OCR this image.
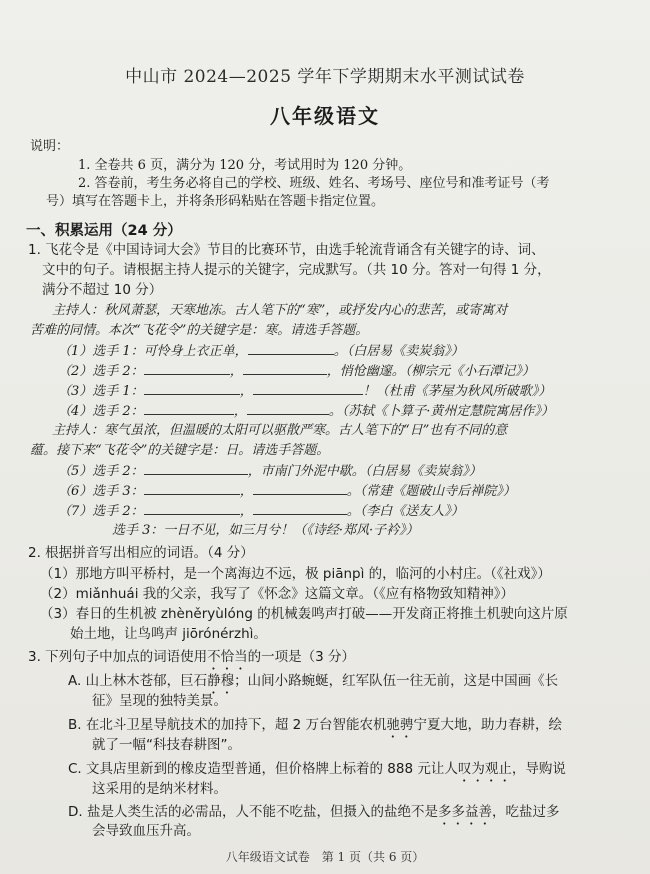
中山市 2024—2025 学年下学期期末水平测试试卷
八年级语文
说明：
1. 全卷共 6 页，满分为 120 分，考试用时为 120 分钟。
2. 答卷前，考生务必将自己的学校、班级、姓名、考场号、座位号和准考证号（考
号）填写在答题卡上，并将条形码粘贴在答题卡指定位置。
一、积累运用（24 分）
1. 飞花令是《中国诗词大会》节目的比赛环节，由选手轮流背诵含有关键字的诗、词、
文中的句子。请根据主持人提示的关键字，完成默写。（共 10 分。答对一句得 1 分，
满分不超过 10 分）
主持人：秋风萧瑟，天寒地冻。古人笔下的“寒”，或抒发内心的悲苦，或寄寓对
苦难的同情。本次“飞花令”的关键字是：寒。请选手答题。
（1）选手 1：可怜身上衣正单，	。（白居易《卖炭翁》）
（2）选手 2：	，	，悄怆幽邃。（柳宗元《小石潭记》）
（3）选手 1：	，	！（杜甫《茅屋为秋风所破歌》）
（4）选手 2：	，	。（苏轼《卜算子·黄州定慧院寓居作》）
主持人：寒气虽浓，但温暖的太阳可以驱散严寒。古人笔下的“日”也有不同的意
蕴。接下来“飞花令”的关键字是：日。请选手答题。
（5）选手 2：	，市南门外泥中歇。（白居易《卖炭翁》）
（6）选手 3：	，	。（常建《题破山寺后禅院》）
（7）选手 2：	，	。（李白《送友人》）
选手 3：一日不见，如三月兮！（《诗经·郑风·子衿》）
2. 根据拼音写出相应的词语。（4 分）
（1）那地方叫平桥村，是一个离海边不远，极 piānpì 的，临河的小村庄。（《社戏》）
（2）miǎnhuái 我的父亲，我写了《怀念》这篇文章。（《应有格物致知精神》）
（3）春日的生机被 zhèněryùlóng 的机械轰鸣声打破——开发商正将推土机驶向这片原
始土地，让鸟鸣声 jiōrónérzhì。
3. 下列句子中加点的词语使用不恰当的一项是（3 分）
A. 山上林木苍郁，巨石静穆；山间小路蜿蜒，红军队伍一往无前，这是中国画《长
征》呈现的独特美景。
B. 在北斗卫星导航技术的加持下，超 2 万台智能农机驰骋宁夏大地，助力春耕，绘
就了一幅“科技春耕图”。
C. 文具店里新到的橡皮造型普通，但价格牌上标着的 888 元让人叹为观止，导购说
这采用的是纳米材料。
D. 盐是人类生活的必需品，人不能不吃盐，但摄入的盐绝不是多多益善，吃盐过多
会导致血压升高。
八年级语文试卷　第 1 页（共 6 页）
